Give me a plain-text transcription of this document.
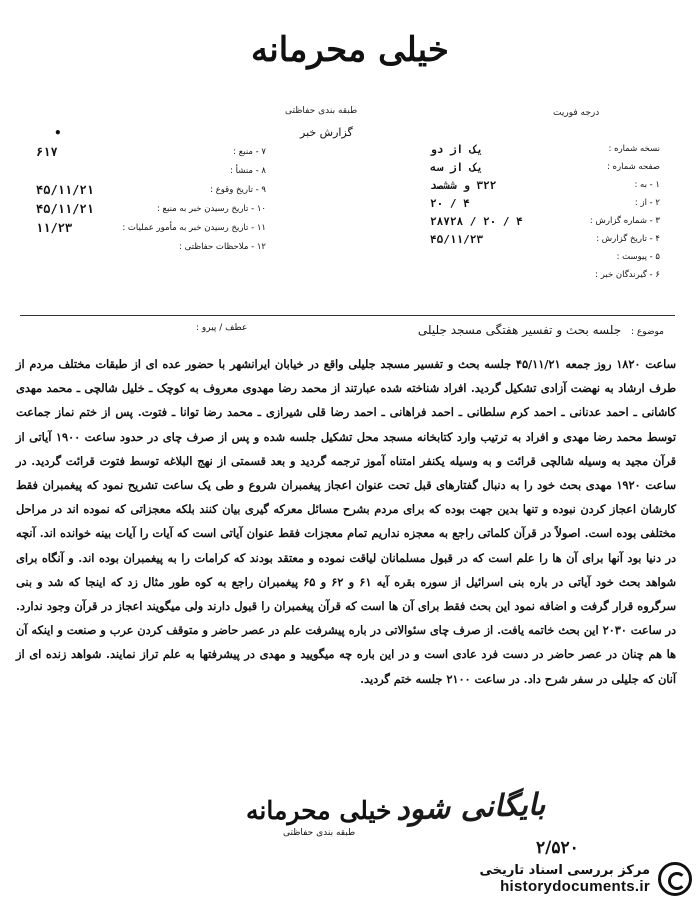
خیلی محرمانه
طبقه بندی حفاظتی
گزارش خبر
درجه فوریت
•
۶۱۷	۷ - منبع :
۸ - منشأ :
۴۵/۱۱/۲۱	۹ - تاریخ وقوع :
۴۵/۱۱/۲۱	۱۰ - تاریخ رسیدن خبر به منبع :
۱۱/۲۳	۱۱ - تاریخ رسیدن خبر به مأمور عملیات :
۱۲ - ملاحظات حفاظتی :
نسخه شماره :
یک از دو
صفحه شماره :
یک از سه
۱ - به :
۳۲۲ و ششصد
۲ - از :
۲۰ / ۴
۳ - شماره گزارش :
۲۸۷۲۸ / ۲۰ / ۴
۴ - تاریخ گزارش :
۴۵/۱۱/۲۳
۵ - پیوست :
۶ - گیرندگان خبر :
موضوع : جلسه بحث و تفسیر هفتگی مسجد جلیلی
عطف / پیرو :
ساعت ۱۸۲۰ روز جمعه ۴۵/۱۱/۲۱ جلسه بحث و تفسیر مسجد جلیلی واقع در خیابان ایرانشهر با حضور عده ای از طبقات مختلف مردم از طرف ارشاد به نهضت آزادی تشکیل گردید. افراد شناخته شده عبارتند از محمد رضا مهدوی معروف به کوچک ـ خلیل شالچی ـ محمد مهدی کاشانی ـ احمد عدنانی ـ احمد کرم سلطانی ـ احمد فراهانی ـ احمد رضا قلی شیرازی ـ محمد رضا توانا ـ فتوت. پس از ختم نماز جماعت توسط محمد رضا مهدی و افراد به ترتیب وارد کتابخانه مسجد محل تشکیل جلسه شده و پس از صرف چای در حدود ساعت ۱۹۰۰ آیاتی از قرآن مجید به وسیله شالچی قرائت و به وسیله یکنفر امتناه آموز ترجمه گردید و بعد قسمتی از نهج البلاغه توسط فتوت قرائت گردید. در ساعت ۱۹۲۰ مهدی بحث خود را به دنبال گفتارهای قبل تحت عنوان اعجاز پیغمبران شروع و طی یک ساعت تشریح نمود که پیغمبران فقط کارشان اعجاز کردن نبوده و تنها بدین جهت بوده که برای مردم بشرح مسائل معرکه گیری بیان کنند بلکه معجزاتی که نموده اند در مراحل مختلفی بوده است. اصولاً در قرآن کلماتی راجع به معجزه نداریم تمام معجزات فقط عنوان آیاتی است که آیات را آیات بینه خوانده اند. آنچه در دنیا بود آنها برای آن ها را علم است که در قبول مسلمانان لیاقت نموده و معتقد بودند که کرامات را به پیغمبران بوده اند. و آنگاه برای شواهد بحث خود آیاتی در باره بنی اسرائیل از سوره بقره آیه ۶۱ و ۶۲ و ۶۵ پیغمبران راجع به کوه طور مثال زد که اینجا که شد و بنی سرگروه قرار گرفت و اضافه نمود این بحث فقط برای آن ها است که قرآن پیغمبران را قبول دارند ولی میگویند اعجاز در قرآن وجود ندارد. در ساعت ۲۰۳۰ این بحث خاتمه یافت. از صرف چای سئوالاتی در باره پیشرفت علم در عصر حاضر و متوقف کردن عرب و صنعت و اینکه آن ها هم چنان در عصر حاضر در دست فرد عادی است و در این باره چه میگویید و مهدی در پیشرفتها به علم تراز نمایند. شواهد زنده ای از آنان که جلیلی در سفر شرح داد. در ساعت ۲۱۰۰ جلسه ختم گردید.
خیلی محرمانه
طبقه بندی حفاظتی
بایگانی شود
۲/۵۲۰
مرکز بررسی اسناد تاریخی
historydocuments.ir
